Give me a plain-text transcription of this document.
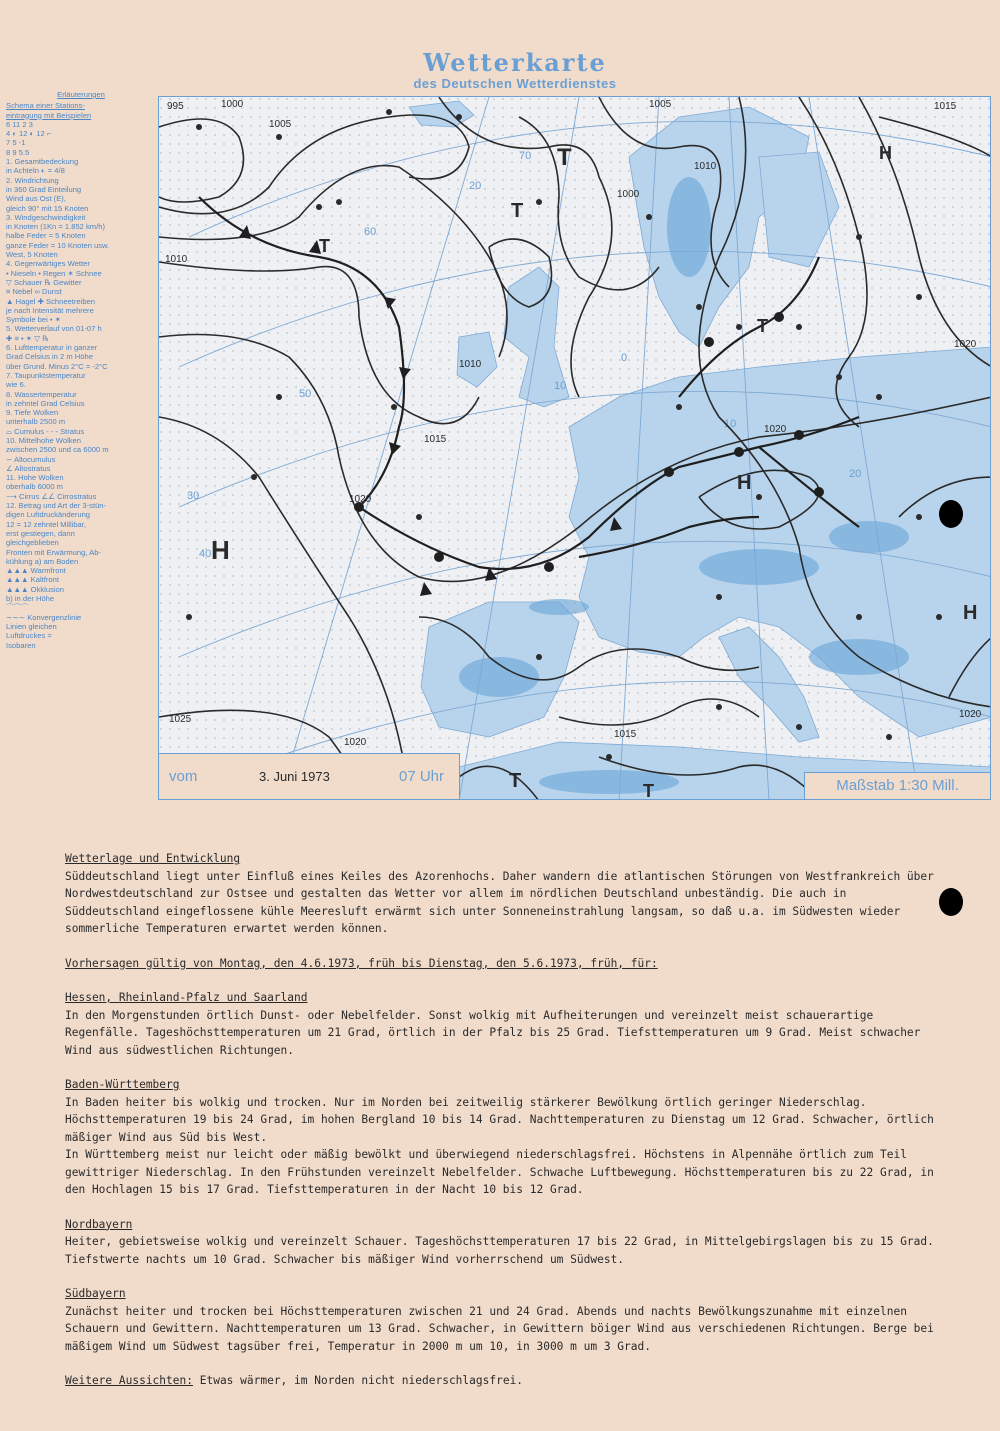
Wetterkarte
des Deutschen Wetterdienstes
Erläuterungen
Schema einer Stations-
eintragung mit Beispielen
6 11 2 3
4 ◐ 12 ◐ 12 ⌐
7 5 -1
8 9 5.5
1. Gesamtbedeckung
in Achteln ◐ = 4/8
2. Windrichtung
in 360 Grad Einteilung
Wind aus Ost (E),
gleich 90° mit 15 Knoten
3. Windgeschwindigkeit
in Knoten (1Kn = 1.852 km/h)
halbe Feder = 5 Knoten
ganze Feder = 10 Knoten usw.
West, 5 Knoten
4. Gegenwärtiges Wetter
• Nieseln • Regen ✶ Schnee
▽ Schauer ℞ Gewitter
≡ Nebel ∞ Dunst
▲ Hagel ✚ Schneetreiben
je nach Intensität mehrere
Symbole bei • ✶
5. Wetterverlauf von 01-07 h
✚ ≡ • ✶ ▽ ℞
6. Lufttemperatur in ganzer
Grad Celsius in 2 m Höhe
über Grund. Minus 2°C = -2°C
7. Taupunktstemperatur
wie 6.
8. Wassertemperatur
in zehntel Grad Celsius
9. Tiefe Wolken
unterhalb 2500 m
⌓ Cumulus - - - Stratus
10. Mittelhohe Wolken
zwischen 2500 und ca 6000 m
∽ Altocumulus
∠ Altostratus
11. Hohe Wolken
oberhalb 6000 m
⟶ Cirrus ∠∠ Cirrostratus
12. Betrag und Art der 3-stün-
digen Luftdruckänderung
12 = 12 zehntel Millibar,
erst gestiegen, dann
gleichgeblieben
Fronten mit Erwärmung, Ab-
kühlung a) am Boden
▲▲▲ Warmfront
▲▲▲ Kaltfront
▲▲▲ Okklusion
b) in der Höhe
⌒⌒⌒
∼∼∼ Konvergenzlinie
Linien gleichen
Luftdruckes =
Isobaren
70
60
50
40
30
20
10
0
10
20
995	1000
1005
1010
1015
1020
1025
1020
1005
1010
1000
1010
1015
1020
1020
1020
1015
H
H
H
H
T
T
T
T
T	T
vom	3. Juni 1973	07 Uhr
Maßstab 1:30 Mill.
Wetterlage und Entwicklung

Süddeutschland liegt unter Einfluß eines Keiles des Azorenhochs. Daher wandern die atlantischen Störungen von Westfrankreich über Nordwestdeutschland zur Ostsee und gestalten das Wetter vor allem im nördlichen Deutschland unbeständig. Die auch in Süddeutschland eingeflossene kühle Meeresluft erwärmt sich unter Sonneneinstrahlung langsam, so daß u.a. im Südwesten wieder sommerliche Temperaturen erwartet werden können.

Vorhersagen gültig von Montag, den 4.6.1973, früh bis Dienstag, den 5.6.1973, früh, für:
Hessen, Rheinland-Pfalz und Saarland

In den Morgenstunden örtlich Dunst- oder Nebelfelder. Sonst wolkig mit Aufheiterungen und vereinzelt meist schauerartige Regenfälle. Tageshöchsttemperaturen um 21 Grad, örtlich in der Pfalz bis 25 Grad. Tiefsttemperaturen um 9 Grad. Meist schwacher Wind aus südwestlichen Richtungen.

Baden-Württemberg

In Baden heiter bis wolkig und trocken. Nur im Norden bei zeitweilig stärkerer Bewölkung örtlich geringer Niederschlag. Höchsttemperaturen 19 bis 24 Grad, im hohen Bergland 10 bis 14 Grad. Nachttemperaturen zu Dienstag um 12 Grad. Schwacher, örtlich mäßiger Wind aus Süd bis West.

In Württemberg meist nur leicht oder mäßig bewölkt und überwiegend niederschlagsfrei. Höchstens in Alpennähe örtlich zum Teil gewittriger Niederschlag. In den Frühstunden vereinzelt Nebelfelder. Schwache Luftbewegung. Höchsttemperaturen bis zu 22 Grad, in den Hochlagen 15 bis 17 Grad. Tiefsttemperaturen in der Nacht 10 bis 12 Grad.

Nordbayern

Heiter, gebietsweise wolkig und vereinzelt Schauer. Tageshöchsttemperaturen 17 bis 22 Grad, in Mittelgebirgslagen bis zu 15 Grad. Tiefstwerte nachts um 10 Grad. Schwacher bis mäßiger Wind vorherrschend um Südwest.

Südbayern

Zunächst heiter und trocken bei Höchsttemperaturen zwischen 21 und 24 Grad. Abends und nachts Bewölkungszunahme mit einzelnen Schauern und Gewittern. Nachttemperaturen um 13 Grad. Schwacher, in Gewittern böiger Wind aus verschiedenen Richtungen. Berge bei mäßigem Wind um Südwest tagsüber frei, Temperatur in 2000 m um 10, in 3000 m um 3 Grad.

Weitere Aussichten: Etwas wärmer, im Norden nicht niederschlagsfrei.
